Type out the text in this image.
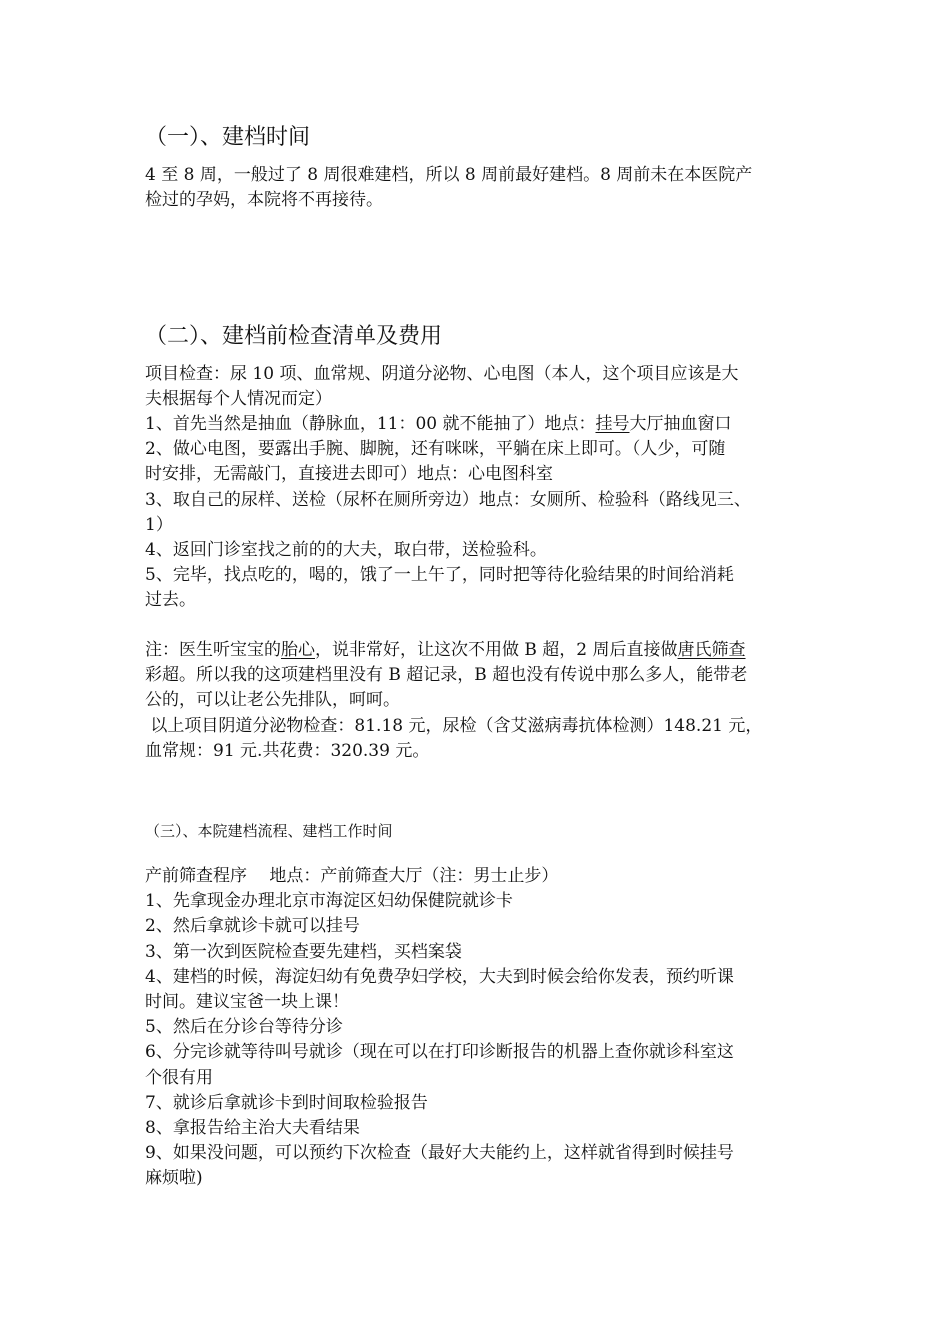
（一）、建档时间

4 至 8 周，一般过了 8 周很难建档，所以 8 周前最好建档。8 周前未在本医院产

检过的孕妈，本院将不再接待。

（二）、建档前检查清单及费用

项目检查：尿 10 项、血常规、阴道分泌物、心电图（本人，这个项目应该是大

夫根据每个人情况而定）

1、首先当然是抽血（静脉血，11：00 就不能抽了）地点：挂号大厅抽血窗口

2、做心电图，要露出手腕、脚腕，还有咪咪，平躺在床上即可。（人少，可随

时安排，无需敲门，直接进去即可）地点：心电图科室

3、取自己的尿样、送检（尿杯在厕所旁边）地点：女厕所、检验科（路线见三、

1）

4、返回门诊室找之前的的大夫，取白带，送检验科。

5、完毕，找点吃的，喝的，饿了一上午了，同时把等待化验结果的时间给消耗

过去。

注：医生听宝宝的胎心，说非常好，让这次不用做 B 超，2 周后直接做唐氏筛查

彩超。所以我的这项建档里没有 B 超记录，B 超也没有传说中那么多人，能带老

公的，可以让老公先排队，呵呵。

以上项目阴道分泌物检查：81.18 元，尿检（含艾滋病毒抗体检测）148.21 元，

血常规：91 元.共花费：320.39 元。

（三）、本院建档流程、建档工作时间

产前筛查程序　 地点：产前筛查大厅（注：男士止步）

1、先拿现金办理北京市海淀区妇幼保健院就诊卡

2、然后拿就诊卡就可以挂号

3、第一次到医院检查要先建档，买档案袋

4、建档的时候，海淀妇幼有免费孕妇学校，大夫到时候会给你发表，预约听课

时间。建议宝爸一块上课！

5、然后在分诊台等待分诊

6、分完诊就等待叫号就诊（现在可以在打印诊断报告的机器上查你就诊科室这

个很有用

7、就诊后拿就诊卡到时间取检验报告

8、拿报告给主治大夫看结果

9、如果没问题，可以预约下次检查（最好大夫能约上，这样就省得到时候挂号

麻烦啦)
